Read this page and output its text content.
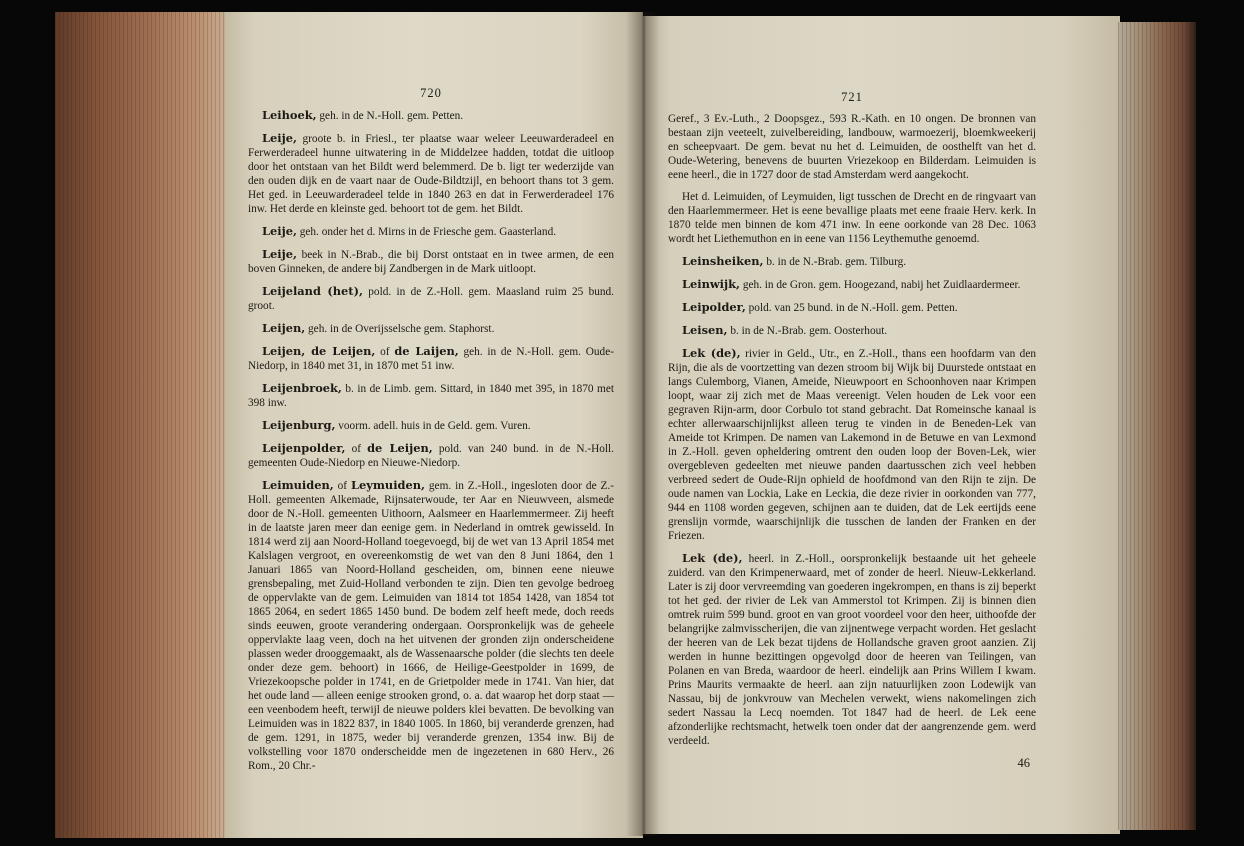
720

Leihoek, geh. in de N.-Holl. gem. Petten.

Leije, groote b. in Friesl., ter plaatse waar weleer Leeuwarderadeel en Ferwerderadeel hunne uitwatering in de Middelzee hadden, totdat die uitloop door het ontstaan van het Bildt werd belemmerd. De b. ligt ter wederzijde van den ouden dijk en de vaart naar de Oude-Bildtzijl, en behoort thans tot 3 gem. Het ged. in Leeuwarderadeel telde in 1840 263 en dat in Ferwerderadeel 176 inw. Het derde en kleinste ged. behoort tot de gem. het Bildt.

Leije, geh. onder het d. Mirns in de Friesche gem. Gaasterland.

Leije, beek in N.-Brab., die bij Dorst ontstaat en in twee armen, de een boven Ginneken, de andere bij Zandbergen in de Mark uitloopt.

Leijeland (het), pold. in de Z.-Holl. gem. Maasland ruim 25 bund. groot.

Leijen, geh. in de Overijsselsche gem. Staphorst.

Leijen, de Leijen, of de Laijen, geh. in de N.-Holl. gem. Oude-Niedorp, in 1840 met 31, in 1870 met 51 inw.

Leijenbroek, b. in de Limb. gem. Sittard, in 1840 met 395, in 1870 met 398 inw.

Leijenburg, voorm. adell. huis in de Geld. gem. Vuren.

Leijenpolder, of de Leijen, pold. van 240 bund. in de N.-Holl. gemeenten Oude-Niedorp en Nieuwe-Niedorp.

Leimuiden, of Leymuiden, gem. in Z.-Holl., ingesloten door de Z.-Holl. gemeenten Alkemade, Rijnsaterwoude, ter Aar en Nieuwveen, alsmede door de N.-Holl. gemeenten Uithoorn, Aalsmeer en Haarlemmermeer. Zij heeft in de laatste jaren meer dan eenige gem. in Nederland in omtrek gewisseld. In 1814 werd zij aan Noord-Holland toegevoegd, bij de wet van 13 April 1854 met Kalslagen vergroot, en overeenkomstig de wet van den 8 Juni 1864, den 1 Januari 1865 van Noord-Holland gescheiden, om, binnen eene nieuwe grensbepaling, met Zuid-Holland verbonden te zijn. Dien ten gevolge bedroeg de oppervlakte van de gem. Leimuiden van 1814 tot 1854 1428, van 1854 tot 1865 2064, en sedert 1865 1450 bund. De bodem zelf heeft mede, doch reeds sinds eeuwen, groote verandering ondergaan. Oorspronkelijk was de geheele oppervlakte laag veen, doch na het uitvenen der gronden zijn onderscheidene plassen weder drooggemaakt, als de Wassenaarsche polder (die slechts ten deele onder deze gem. behoort) in 1666, de Heilige-Geestpolder in 1699, de Vriezekoopsche polder in 1741, en de Grietpolder mede in 1741. Van hier, dat het oude land — alleen eenige strooken grond, o. a. dat waarop het dorp staat — een veenbodem heeft, terwijl de nieuwe polders klei bevatten. De bevolking van Leimuiden was in 1822 837, in 1840 1005. In 1860, bij veranderde grenzen, had de gem. 1291, in 1875, weder bij veranderde grenzen, 1354 inw. Bij de volkstelling voor 1870 onderscheidde men de ingezetenen in 680 Herv., 26 Rom., 20 Chr.-

721

Geref., 3 Ev.-Luth., 2 Doopsgez., 593 R.-Kath. en 10 ongen. De bronnen van bestaan zijn veeteelt, zuivelbereiding, landbouw, warmoezerij, bloemkweekerij en scheepvaart. De gem. bevat nu het d. Leimuiden, de oosthelft van het d. Oude-Wetering, benevens de buurten Vriezekoop en Bilderdam. Leimuiden is eene heerl., die in 1727 door de stad Amsterdam werd aangekocht.

Het d. Leimuiden, of Leymuiden, ligt tusschen de Drecht en de ringvaart van den Haarlemmermeer. Het is eene bevallige plaats met eene fraaie Herv. kerk. In 1870 telde men binnen de kom 471 inw. In eene oorkonde van 28 Dec. 1063 wordt het Liethemuthon en in eene van 1156 Leythemuthe genoemd.

Leinsheiken, b. in de N.-Brab. gem. Tilburg.

Leinwijk, geh. in de Gron. gem. Hoogezand, nabij het Zuidlaardermeer.

Leipolder, pold. van 25 bund. in de N.-Holl. gem. Petten.

Leisen, b. in de N.-Brab. gem. Oosterhout.

Lek (de), rivier in Geld., Utr., en Z.-Holl., thans een hoofdarm van den Rijn, die als de voortzetting van dezen stroom bij Wijk bij Duurstede ontstaat en langs Culemborg, Vianen, Ameide, Nieuwpoort en Schoonhoven naar Krimpen loopt, waar zij zich met de Maas vereenigt. Velen houden de Lek voor een gegraven Rijn-arm, door Corbulo tot stand gebracht. Dat Romeinsche kanaal is echter allerwaarschijnlijkst alleen terug te vinden in de Beneden-Lek van Ameide tot Krimpen. De namen van Lakemond in de Betuwe en van Lexmond in Z.-Holl. geven opheldering omtrent den ouden loop der Boven-Lek, wier overgebleven gedeelten met nieuwe panden daartusschen zich veel hebben verbreed sedert de Oude-Rijn ophield de hoofdmond van den Rijn te zijn. De oude namen van Lockia, Lake en Leckia, die deze rivier in oorkonden van 777, 944 en 1108 worden gegeven, schijnen aan te duiden, dat de Lek eertijds eene grenslijn vormde, waarschijnlijk die tusschen de landen der Franken en der Friezen.

Lek (de), heerl. in Z.-Holl., oorspronkelijk bestaande uit het geheele zuiderd. van den Krimpenerwaard, met of zonder de heerl. Nieuw-Lekkerland. Later is zij door vervreemding van goederen ingekrompen, en thans is zij beperkt tot het ged. der rivier de Lek van Ammerstol tot Krimpen. Zij is binnen dien omtrek ruim 599 bund. groot en van groot voordeel voor den heer, uithoofde der belangrijke zalmvisscherijen, die van zijnentwege verpacht worden. Het geslacht der heeren van de Lek bezat tijdens de Hollandsche graven groot aanzien. Zij werden in hunne bezittingen opgevolgd door de heeren van Teilingen, van Polanen en van Breda, waardoor de heerl. eindelijk aan Prins Willem I kwam. Prins Maurits vermaakte de heerl. aan zijn natuurlijken zoon Lodewijk van Nassau, bij de jonkvrouw van Mechelen verwekt, wiens nakomelingen zich sedert Nassau la Lecq noemden. Tot 1847 had de heerl. de Lek eene afzonderlijke rechtsmacht, hetwelk toen onder dat der aangrenzende gem. werd verdeeld.

46
